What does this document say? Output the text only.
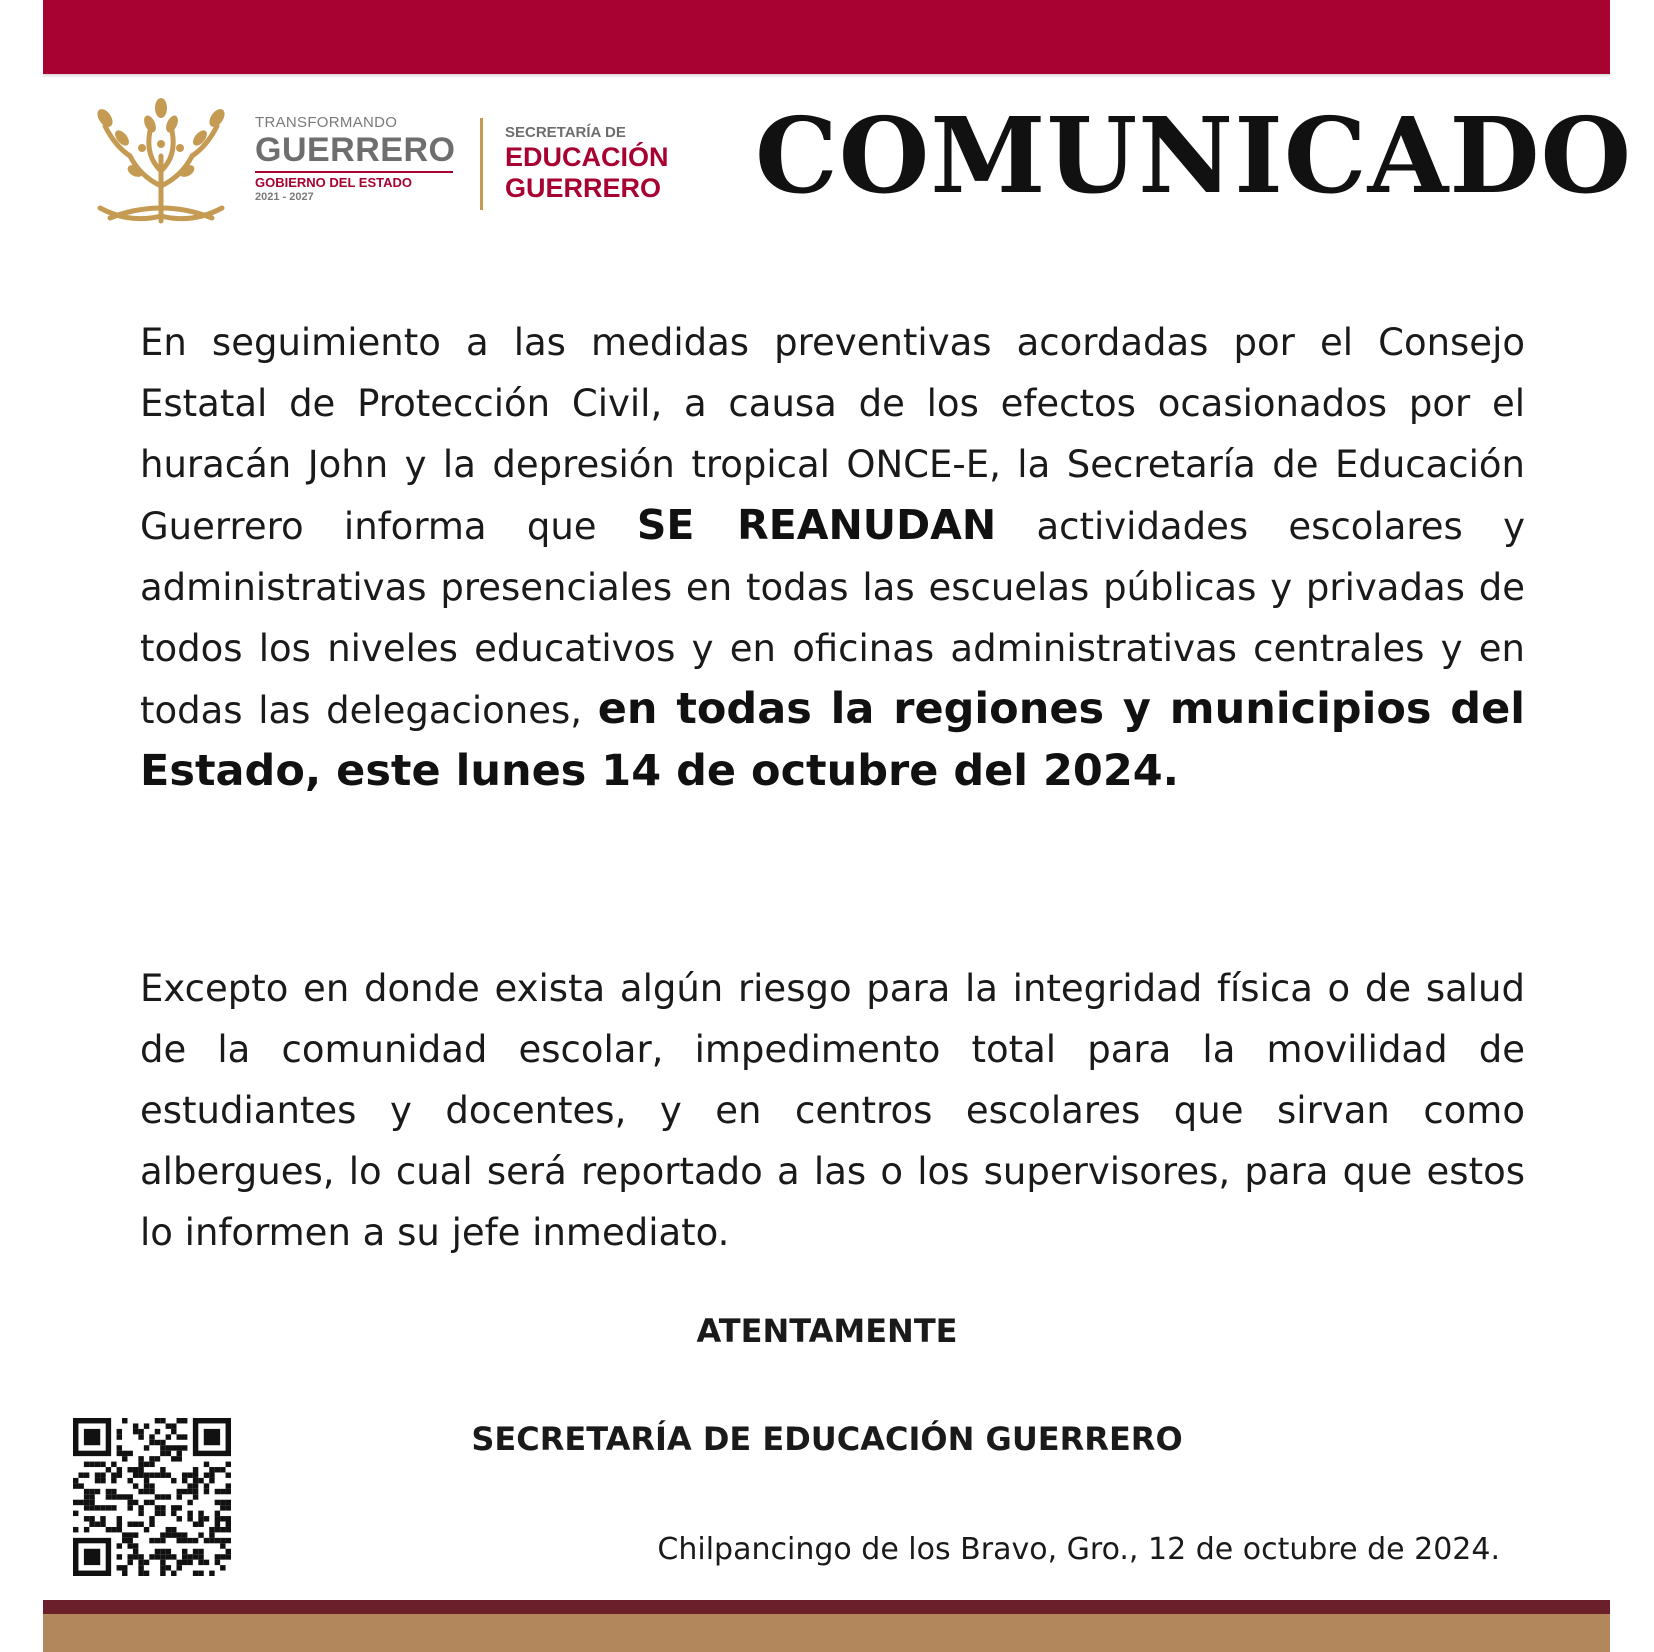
TRANSFORMANDO
GUERRERO
GOBIERNO DEL ESTADO
2021 - 2027
SECRETARÍA DE
EDUCACIÓN
GUERRERO COMUNICADO

En seguimiento a las medidas preventivas acordadas por el Consejo Estatal de Protección Civil, a causa de los efectos ocasionados por el huracán John y la depresión tropical ONCE-E, la Secretaría de Educación Guerrero informa que SE REANUDAN actividades escolares y administrativas presenciales en todas las escuelas públicas y privadas de todos los niveles educativos y en oficinas administrativas centrales y en todas las delegaciones, en todas la regiones y municipios del Estado, este lunes 14 de octubre del 2024.

Excepto en donde exista algún riesgo para la integridad física o de salud de la comunidad escolar, impedimento total para la movilidad de estudiantes y docentes, y en centros escolares que sirvan como albergues, lo cual será reportado a las o los supervisores, para que estos lo informen a su jefe inmediato.

ATENTAMENTE

SECRETARÍA DE EDUCACIÓN GUERRERO

Chilpancingo de los Bravo, Gro., 12 de octubre de 2024.
